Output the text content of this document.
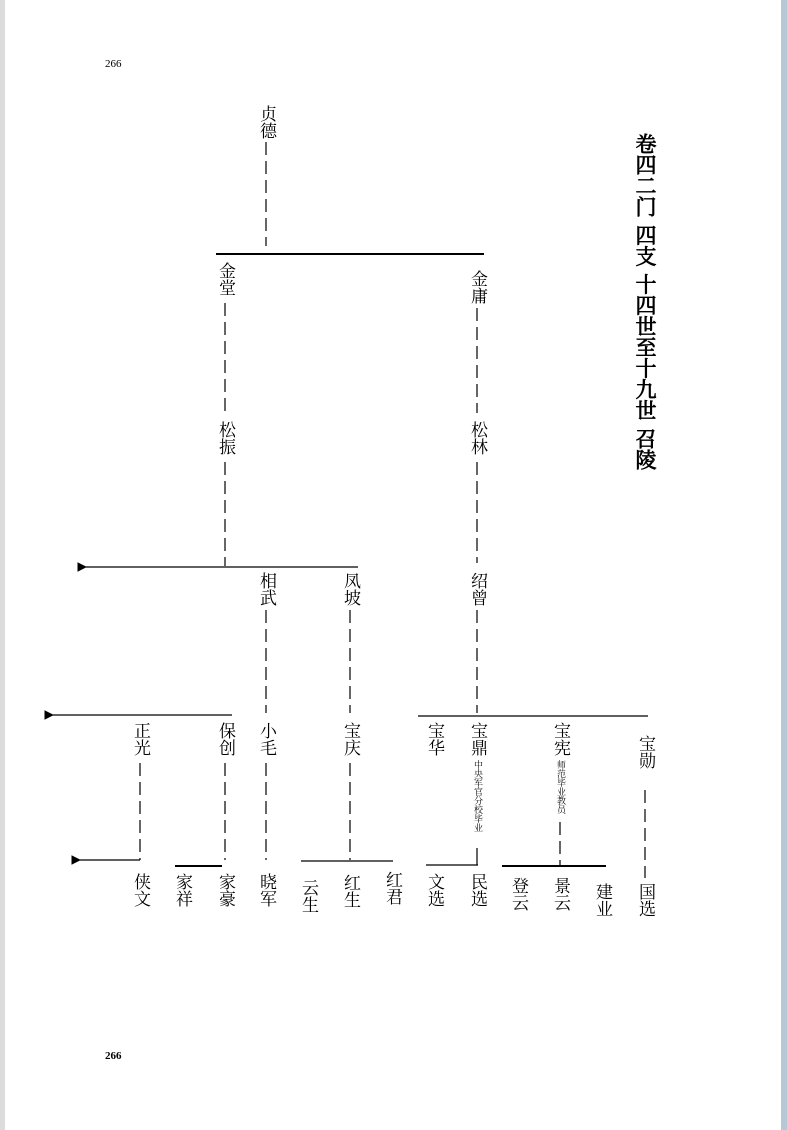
266
266
卷四二门 四支 十四世至十九世 召陵
贞德
金堂	金庸
松振	松林
相武	凤坡	绍曾
正光	保创 小毛	宝庆	宝华 宝鼎
中央军官分校毕业
宝宪
师范毕业教员
宝勋
侠文 家祥 家豪 晓军 云生 红生 红君 文选 民选 登云 景云 建业 国选
